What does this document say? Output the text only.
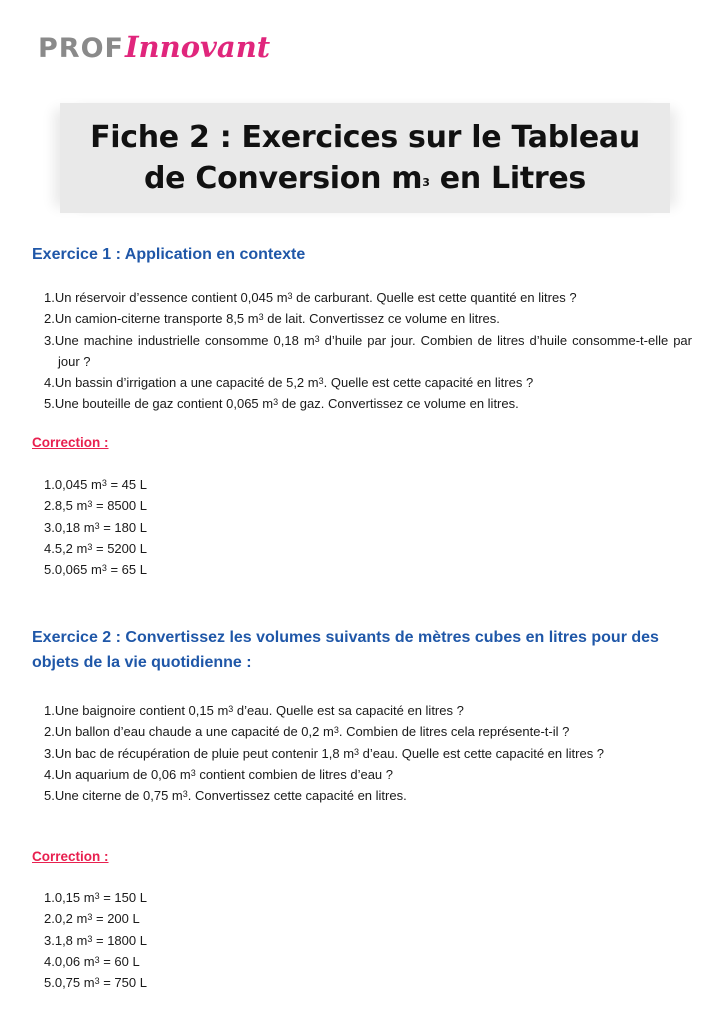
PROF Innovant
Fiche 2 : Exercices sur le Tableau
de Conversion $m^3$ en Litres
Exercice 1 : Application en contexte
1.Un réservoir d’essence contient 0,045 $m^3$ de carburant. Quelle est cette quantité en litres ?
2.Un camion-citerne transporte 8,5 $m^3$ de lait. Convertissez ce volume en litres.
3.Une machine industrielle consomme 0,18 $m^3$ d’huile par jour. Combien de litres d’huile consomme-t-elle par jour ?
4.Un bassin d’irrigation a une capacité de 5,2 $m^3$. Quelle est cette capacité en litres ?
5.Une bouteille de gaz contient 0,065 $m^3$ de gaz. Convertissez ce volume en litres.

Correction :

1.0,045 $m^3 = 45$ L
2.8,5 $m^3 = 8500$ L
3.0,18 $m^3 = 180$ L
4.5,2 $m^3 = 5200$ L
5.0,065 $m^3 = 65$ L
Exercice 2 : Convertissez les volumes suivants de mètres cubes en litres pour des objets de la vie quotidienne :
1.Une baignoire contient 0,15 $m^3$ d’eau. Quelle est sa capacité en litres ?
2.Un ballon d’eau chaude a une capacité de 0,2 $m^3$. Combien de litres cela représente-t-il ?
3.Un bac de récupération de pluie peut contenir 1,8 $m^3$ d’eau. Quelle est cette capacité en litres ?
4.Un aquarium de 0,06 $m^3$ contient combien de litres d’eau ?
5.Une citerne de 0,75 $m^3$. Convertissez cette capacité en litres.

Correction :

1.0,15 $m^3 = 150$ L
2.0,2 $m^3 = 200$ L
3.1,8 $m^3 = 1800$ L
4.0,06 $m^3 = 60$ L
5.0,75 $m^3 = 750$ L
